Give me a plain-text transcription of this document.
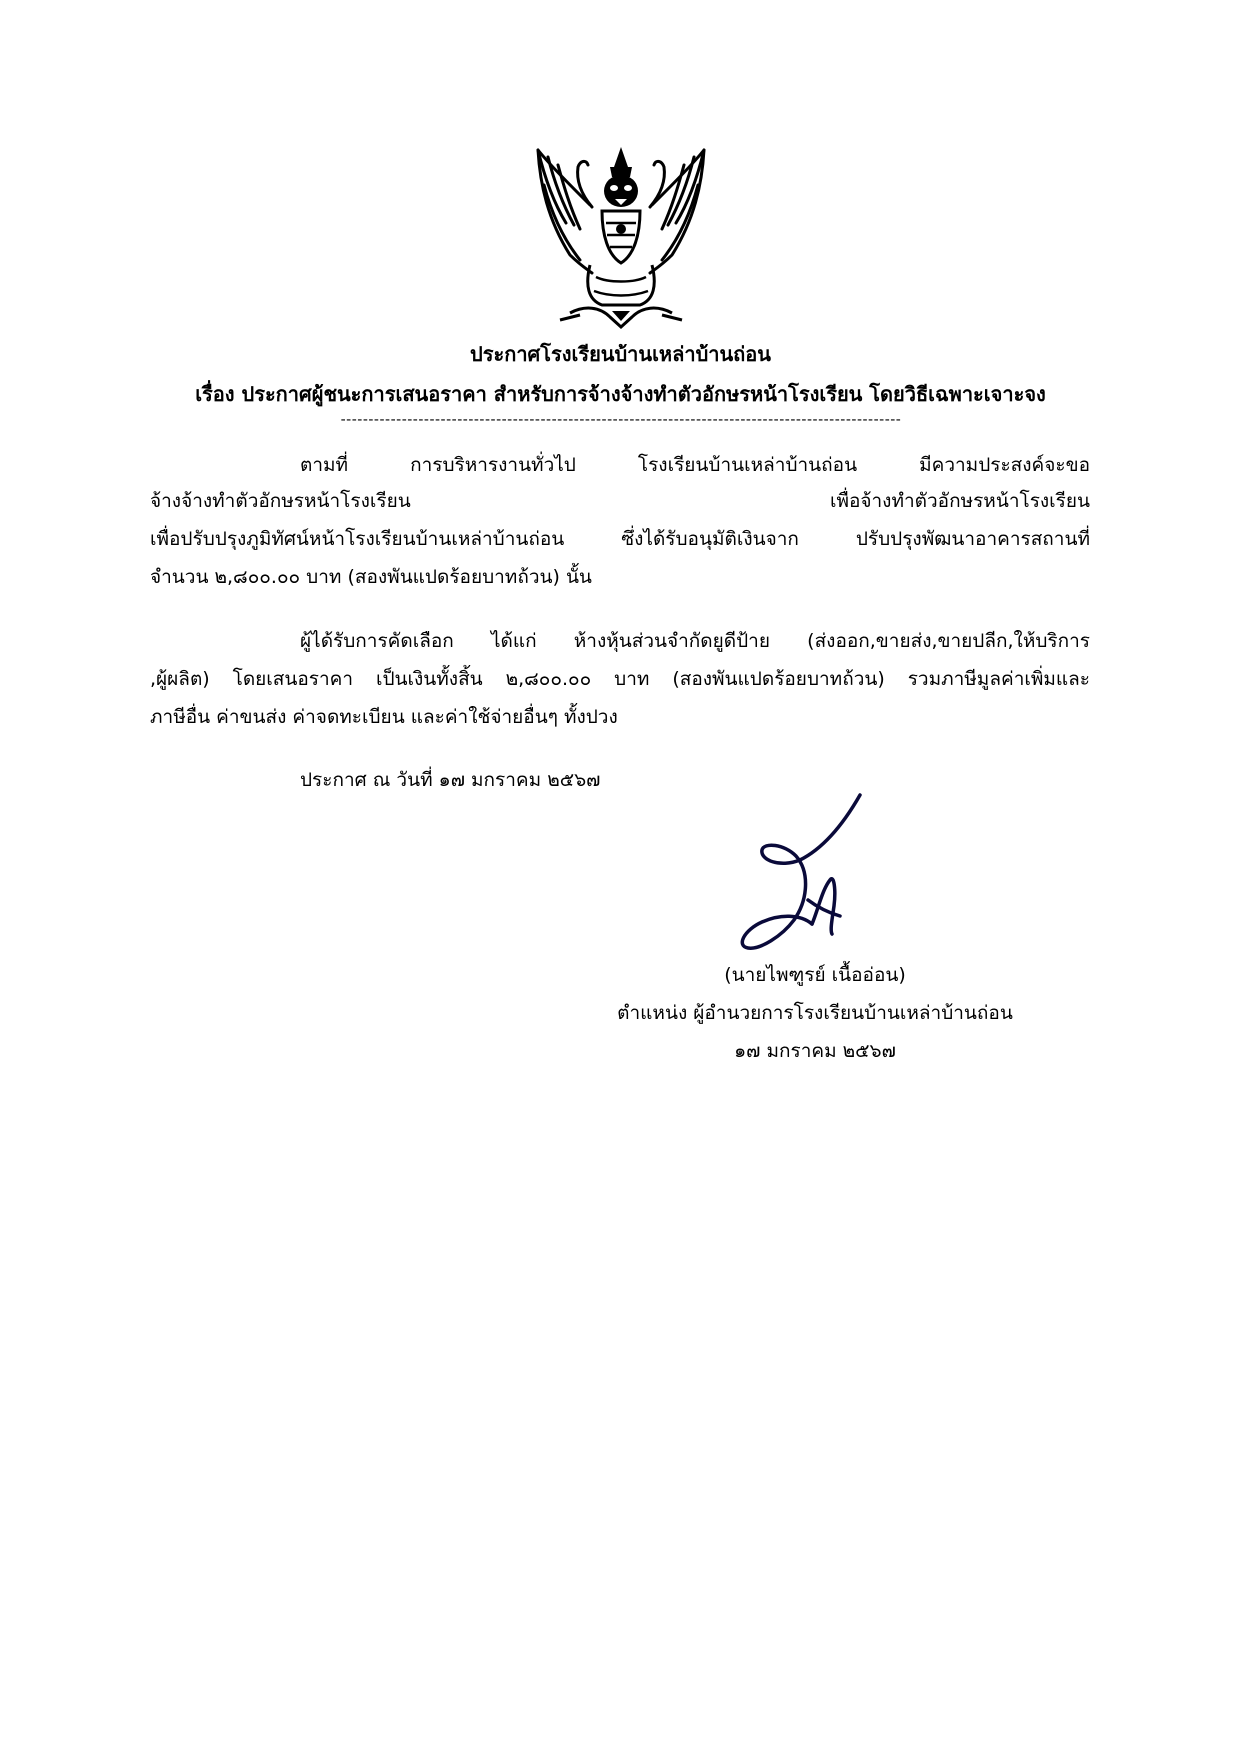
ประกาศโรงเรียนบ้านเหล่าบ้านถ่อน
เรื่อง ประกาศผู้ชนะการเสนอราคา สำหรับการจ้างจ้างทำตัวอักษรหน้าโรงเรียน โดยวิธีเฉพาะเจาะจง
-----------------------------------------------------------------------------------------------------
ตามที่ การบริหารงานทั่วไป โรงเรียนบ้านเหล่าบ้านถ่อน มีความประสงค์จะขอ
จ้างจ้างทำตัวอักษรหน้าโรงเรียน เพื่อจ้างทำตัวอักษรหน้าโรงเรียน
เพื่อปรับปรุงภูมิทัศน์หน้าโรงเรียนบ้านเหล่าบ้านถ่อน ซึ่งได้รับอนุมัติเงินจาก ปรับปรุงพัฒนาอาคารสถานที่
จำนวน ๒,๘๐๐.๐๐ บาท (สองพันแปดร้อยบาทถ้วน) นั้น
ผู้ได้รับการคัดเลือก ได้แก่ ห้างหุ้นส่วนจำกัดยูดีป้าย (ส่งออก,ขายส่ง,ขายปลีก,ให้บริการ
,ผู้ผลิต) โดยเสนอราคา เป็นเงินทั้งสิ้น ๒,๘๐๐.๐๐ บาท (สองพันแปดร้อยบาทถ้วน) รวมภาษีมูลค่าเพิ่มและ
ภาษีอื่น ค่าขนส่ง ค่าจดทะเบียน และค่าใช้จ่ายอื่นๆ ทั้งปวง
ประกาศ ณ วันที่ ๑๗ มกราคม ๒๕๖๗
(นายไพฑูรย์ เนื้ออ่อน)
ตำแหน่ง ผู้อำนวยการโรงเรียนบ้านเหล่าบ้านถ่อน
๑๗ มกราคม ๒๕๖๗
